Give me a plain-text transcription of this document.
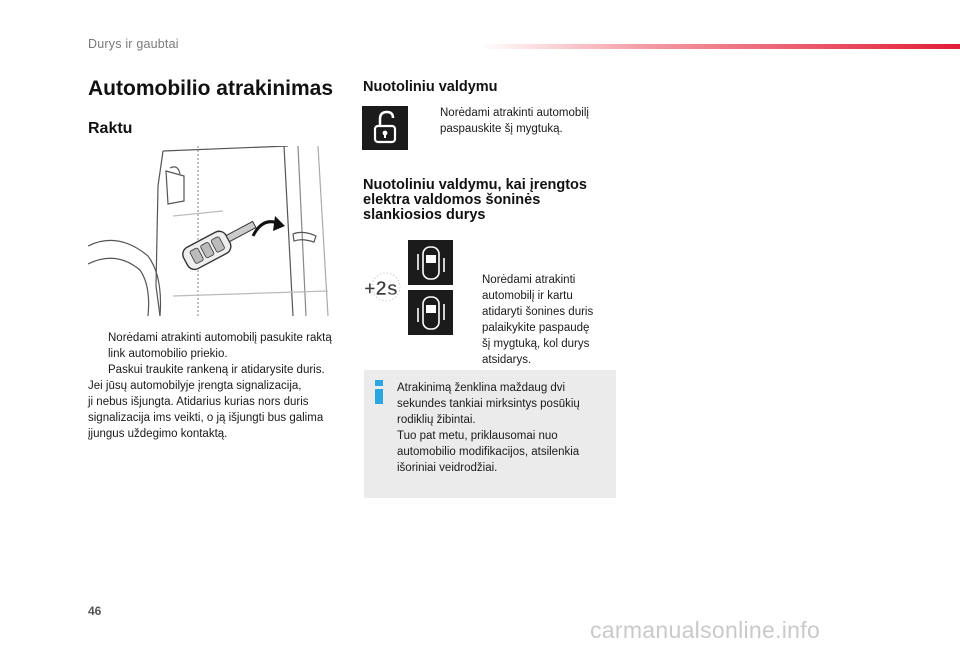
Durys ir gaubtai
Automobilio atrakinimas
Raktu
Norėdami atrakinti automobilį pasukite raktą link automobilio priekio.
Paskui traukite rankeną ir atidarysite duris.
Jei jūsų automobilyje įrengta signalizacija,
ji nebus išjungta. Atidarius kurias nors duris
signalizacija ims veikti, o ją išjungti bus galima
įjungus uždegimo kontaktą.
Nuotoliniu valdymu
Norėdami atrakinti automobilį paspauskite šį mygtuką.
Nuotoliniu valdymu, kai įrengtos
elektra valdomos šoninės
slankiosios durys
+2s	Norėdami atrakinti
automobilį ir kartu
atidaryti šonines duris
palaikykite paspaudę
šį mygtuką, kol durys
atsidarys.
Atrakinimą ženklina maždaug dvi
sekundes tankiai mirksintys posūkių
rodiklių žibintai.
Tuo pat metu, priklausomai nuo
automobilio modifikacijos, atsilenkia
išoriniai veidrodžiai.
46
carmanualsonline.info
